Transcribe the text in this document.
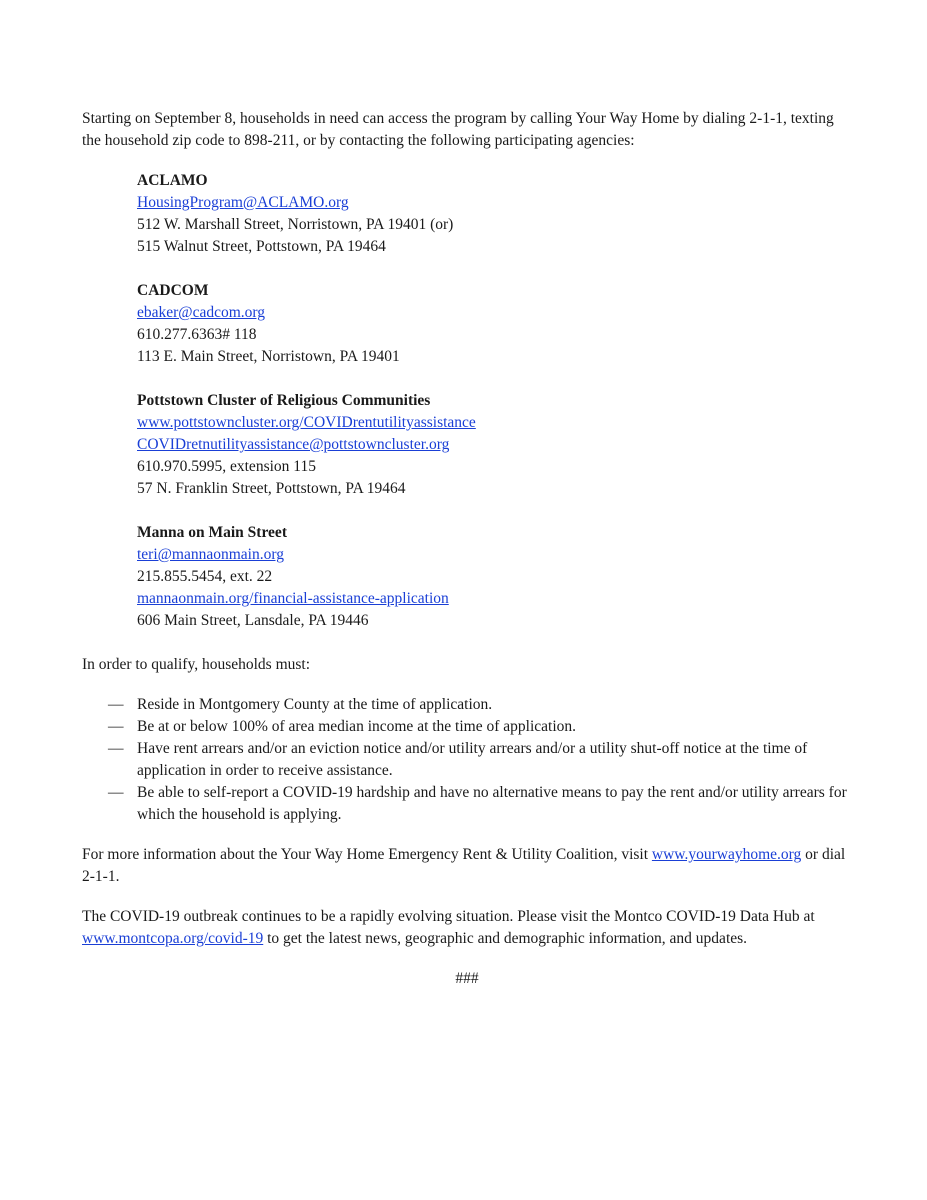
Starting on September 8, households in need can access the program by calling Your Way Home by dialing 2-1-1, texting the household zip code to 898-211, or by contacting the following participating agencies:

ACLAMO
HousingProgram@ACLAMO.org
512 W. Marshall Street, Norristown, PA 19401 (or)
515 Walnut Street, Pottstown, PA 19464
CADCOM
ebaker@cadcom.org
610.277.6363# 118
113 E. Main Street, Norristown, PA 19401
Pottstown Cluster of Religious Communities
www.pottstowncluster.org/COVIDrentutilityassistance
COVIDretnutilityassistance@pottstowncluster.org
610.970.5995, extension 115
57 N. Franklin Street, Pottstown, PA 19464
Manna on Main Street
teri@mannaonmain.org
215.855.5454, ext. 22
mannaonmain.org/financial-assistance-application
606 Main Street, Lansdale, PA 19446

In order to qualify, households must:

— Reside in Montgomery County at the time of application.
— Be at or below 100% of area median income at the time of application.
— Have rent arrears and/or an eviction notice and/or utility arrears and/or a utility shut-off notice at the time of application in order to receive assistance.
— Be able to self-report a COVID-19 hardship and have no alternative means to pay the rent and/or utility arrears for which the household is applying.

For more information about the Your Way Home Emergency Rent & Utility Coalition, visit www.yourwayhome.org or dial 2-1-1.

The COVID-19 outbreak continues to be a rapidly evolving situation. Please visit the Montco COVID-19 Data Hub at www.montcopa.org/covid-19 to get the latest news, geographic and demographic information, and updates.

###
